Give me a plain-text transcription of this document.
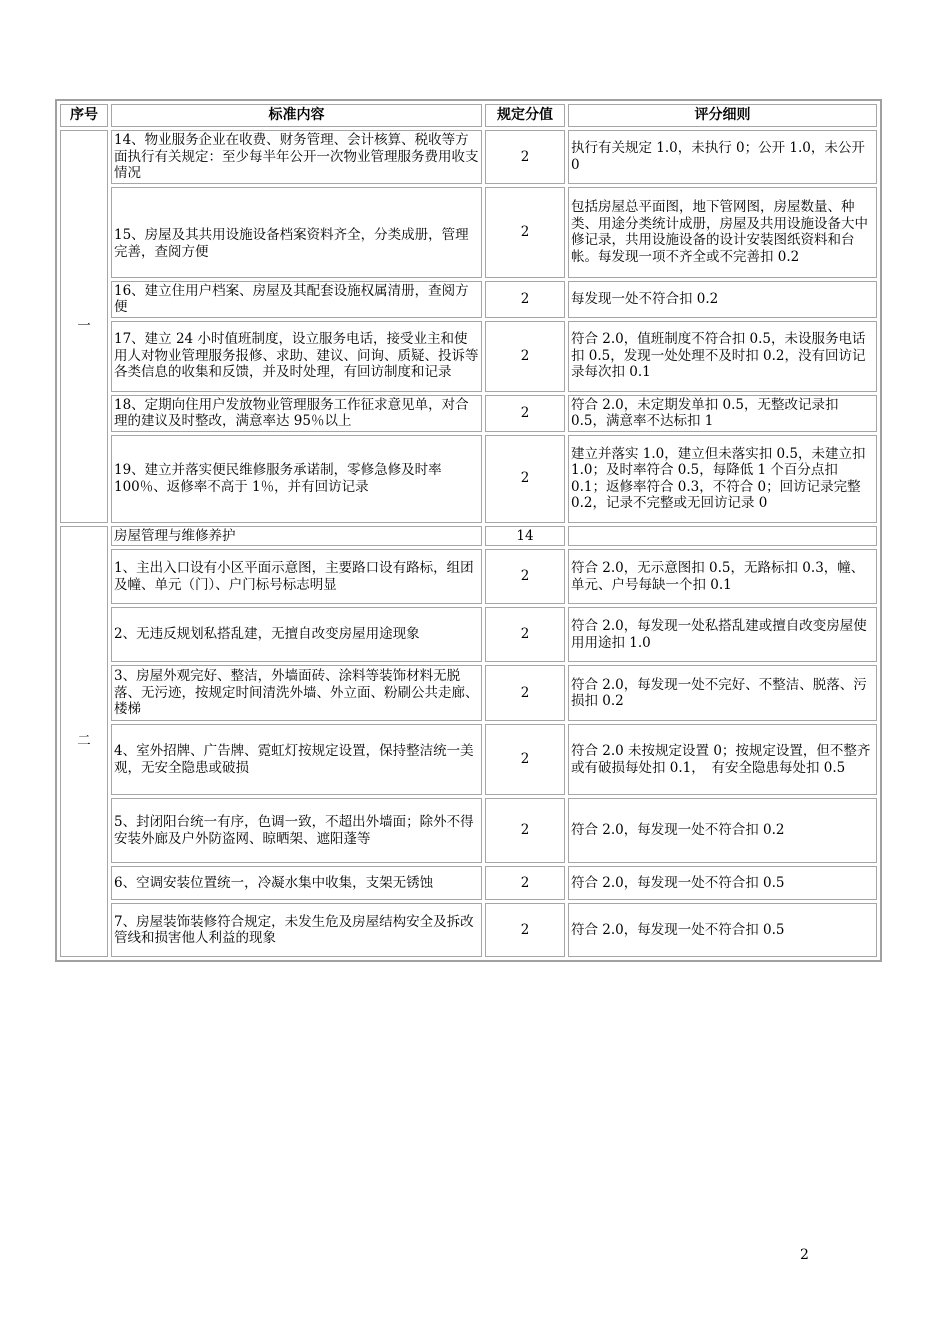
序号	标准内容	规定分值	评分细则
一	14、物业服务企业在收费、财务管理、会计核算、税收等方面执行有关规定：至少每半年公开一次物业管理服务费用收支情况	2	执行有关规定 1.0，未执行 0；公开 1.0，未公开 0
	15、房屋及其共用设施设备档案资料齐全，分类成册，管理完善，查阅方便	2	包括房屋总平面图，地下管网图，房屋数量、种类、用途分类统计成册，房屋及共用设施设备大中修记录，共用设施设备的设计安装图纸资料和台帐。每发现一项不齐全或不完善扣 0.2
	16、建立住用户档案、房屋及其配套设施权属清册，查阅方便	2	每发现一处不符合扣 0.2
	17、建立 24 小时值班制度，设立服务电话，接受业主和使用人对物业管理服务报修、求助、建议、问询、质疑、投诉等各类信息的收集和反馈，并及时处理，有回访制度和记录	2	符合 2.0，值班制度不符合扣 0.5，未设服务电话扣 0.5，发现一处处理不及时扣 0.2，没有回访记录每次扣 0.1
	18、定期向住用户发放物业管理服务工作征求意见单，对合理的建议及时整改，满意率达 95％以上	2	符合 2.0，未定期发单扣 0.5，无整改记录扣 0.5，满意率不达标扣 1
	19、建立并落实便民维修服务承诺制，零修急修及时率 100％、返修率不高于 1％，并有回访记录	2	建立并落实 1.0，建立但未落实扣 0.5，未建立扣 1.0；及时率符合 0.5，每降低 1 个百分点扣 0.1；返修率符合 0.3，不符合 0；回访记录完整 0.2，记录不完整或无回访记录 0
二	房屋管理与维修养护	14	
	1、主出入口设有小区平面示意图，主要路口设有路标，组团及幢、单元（门）、户门标号标志明显	2	符合 2.0，无示意图扣 0.5，无路标扣 0.3，幢、单元、户号每缺一个扣 0.1
	2、无违反规划私搭乱建，无擅自改变房屋用途现象	2	符合 2.0，每发现一处私搭乱建或擅自改变房屋使用用途扣 1.0
	3、房屋外观完好、整洁，外墙面砖、涂料等装饰材料无脱落、无污迹，按规定时间清洗外墙、外立面、粉刷公共走廊、楼梯	2	符合 2.0，每发现一处不完好、不整洁、脱落、污损扣 0.2
	4、室外招牌、广告牌、霓虹灯按规定设置，保持整洁统一美观，无安全隐患或破损	2	符合 2.0 未按规定设置 0；按规定设置，但不整齐或有破损每处扣 0.1，　有安全隐患每处扣 0.5
	5、封闭阳台统一有序，色调一致，不超出外墙面；除外不得安装外廊及户外防盗网、晾晒架、遮阳蓬等	2	符合 2.0，每发现一处不符合扣 0.2
	6、空调安装位置统一，冷凝水集中收集，支架无锈蚀	2	符合 2.0，每发现一处不符合扣 0.5
	7、房屋装饰装修符合规定，未发生危及房屋结构安全及拆改管线和损害他人利益的现象	2	符合 2.0，每发现一处不符合扣 0.5
2
